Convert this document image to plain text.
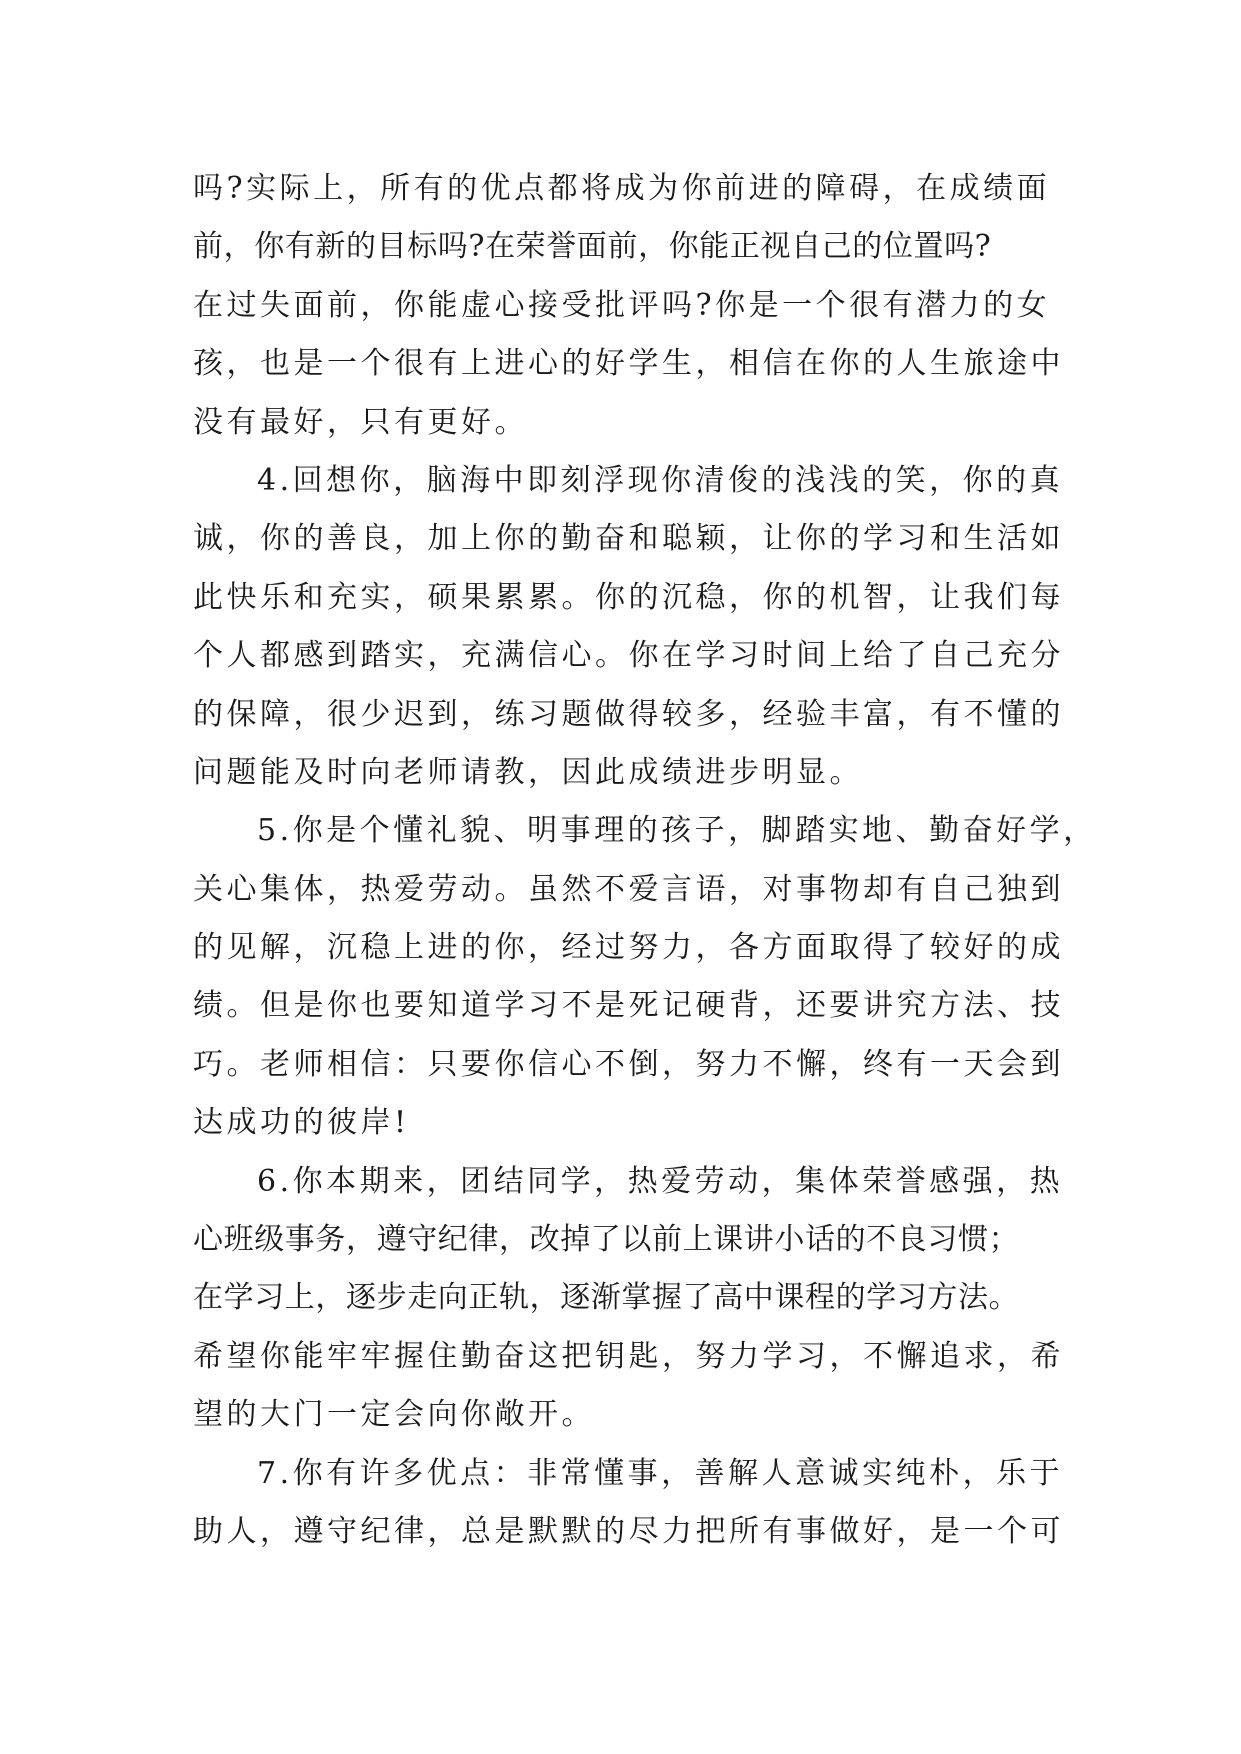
吗?实际上，所有的优点都将成为你前进的障碍，在成绩面
前，你有新的目标吗?在荣誉面前，你能正视自己的位置吗?
在过失面前，你能虚心接受批评吗?你是一个很有潜力的女
孩，也是一个很有上进心的好学生，相信在你的人生旅途中
没有最好，只有更好。

4.回想你，脑海中即刻浮现你清俊的浅浅的笑，你的真
诚，你的善良，加上你的勤奋和聪颖，让你的学习和生活如
此快乐和充实，硕果累累。你的沉稳，你的机智，让我们每
个人都感到踏实，充满信心。你在学习时间上给了自己充分
的保障，很少迟到，练习题做得较多，经验丰富，有不懂的
问题能及时向老师请教，因此成绩进步明显。

5.你是个懂礼貌、明事理的孩子，脚踏实地、勤奋好学，
关心集体，热爱劳动。虽然不爱言语，对事物却有自己独到
的见解，沉稳上进的你，经过努力，各方面取得了较好的成
绩。但是你也要知道学习不是死记硬背，还要讲究方法、技
巧。老师相信：只要你信心不倒，努力不懈，终有一天会到
达成功的彼岸!

6.你本期来，团结同学，热爱劳动，集体荣誉感强，热
心班级事务，遵守纪律，改掉了以前上课讲小话的不良习惯；
在学习上，逐步走向正轨，逐渐掌握了高中课程的学习方法。
希望你能牢牢握住勤奋这把钥匙，努力学习，不懈追求，希
望的大门一定会向你敞开。

7.你有许多优点：非常懂事，善解人意诚实纯朴，乐于
助人，遵守纪律，总是默默的尽力把所有事做好，是一个可
